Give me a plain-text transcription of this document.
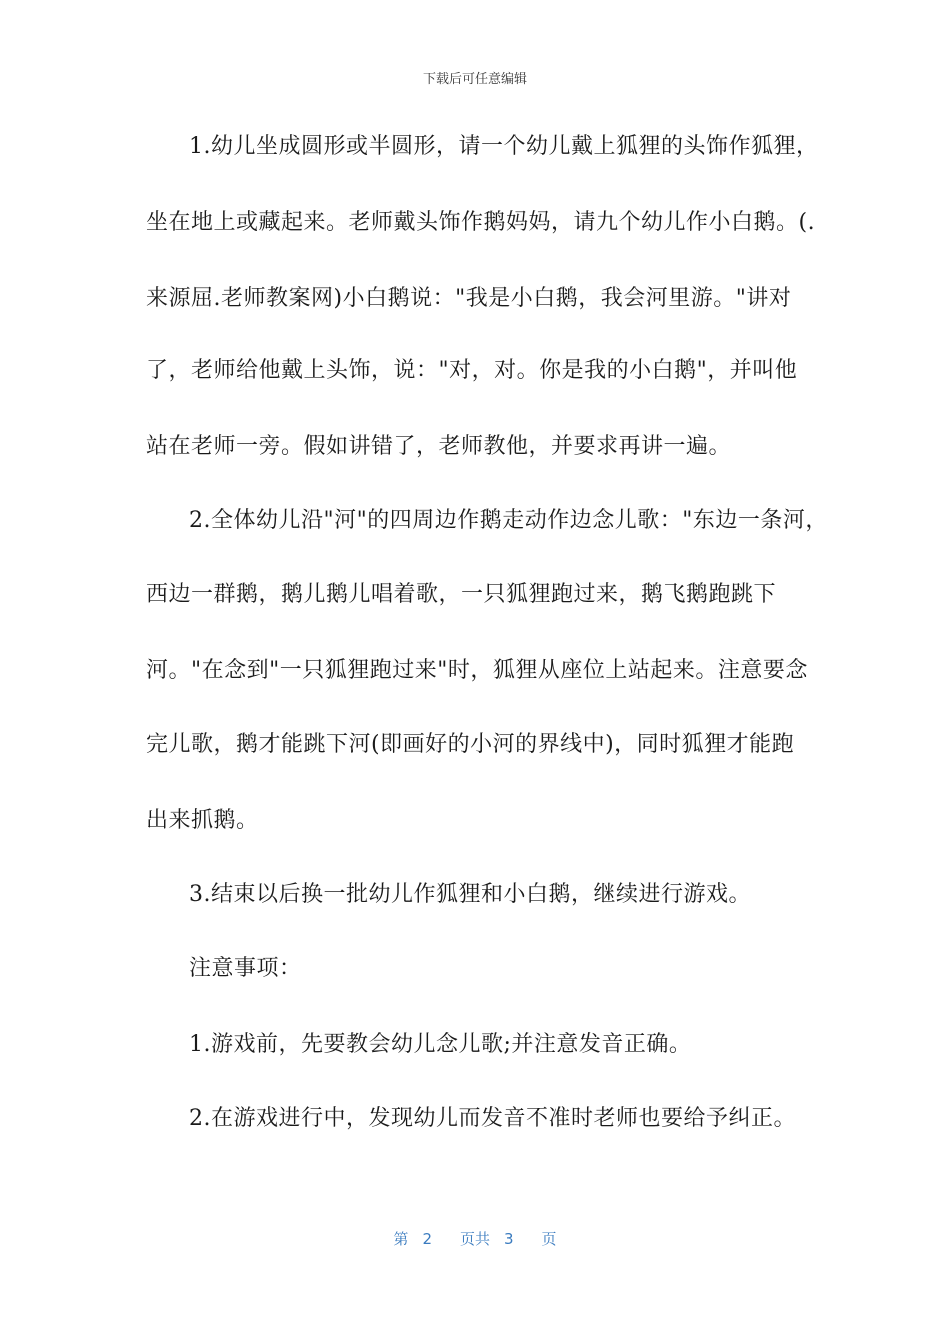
下载后可任意编辑
1.幼儿坐成圆形或半圆形，请一个幼儿戴上狐狸的头饰作狐狸，
坐在地上或藏起来。老师戴头饰作鹅妈妈，请九个幼儿作小白鹅。(.
来源屈.老师教案网)小白鹅说："我是小白鹅，我会河里游。"讲对
了，老师给他戴上头饰，说："对，对。你是我的小白鹅"，并叫他
站在老师一旁。假如讲错了，老师教他，并要求再讲一遍。
2.全体幼儿沿"河"的四周边作鹅走动作边念儿歌："东边一条河，
西边一群鹅，鹅儿鹅儿唱着歌，一只狐狸跑过来，鹅飞鹅跑跳下
河。"在念到"一只狐狸跑过来"时，狐狸从座位上站起来。注意要念
完儿歌，鹅才能跳下河(即画好的小河的界线中)，同时狐狸才能跑
出来抓鹅。
3.结束以后换一批幼儿作狐狸和小白鹅，继续进行游戏。
注意事项：
1.游戏前，先要教会幼儿念儿歌;并注意发音正确。
2.在游戏进行中，发现幼儿而发音不准时老师也要给予纠正。
第 2 页共 3 页
